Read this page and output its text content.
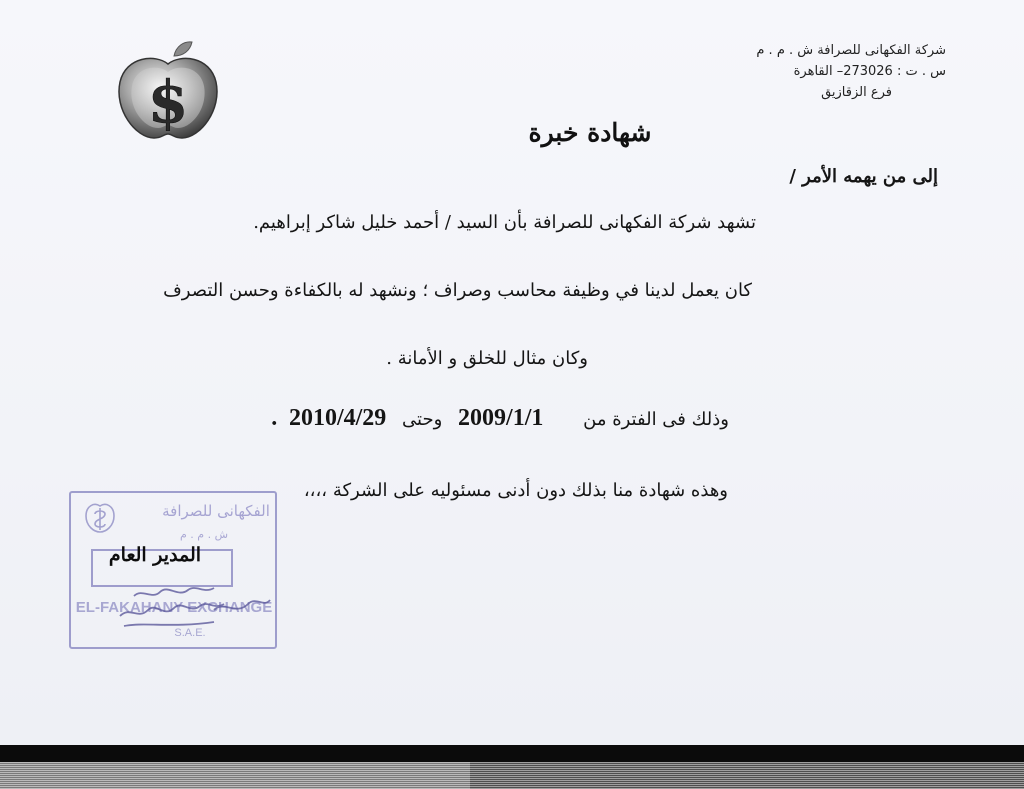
شركة الفكهانى للصرافة ش . م . م
س . ت : 273026– القاهرة
فرع الزقازيق
$	شهادة خبرة
إلى من يهمه الأمر /
تشهد شركة الفكهانى للصرافة بأن السيد / أحمد خليل شاكر إبراهيم.
كان يعمل لدينا في وظيفة محاسب وصراف ؛ ونشهد له بالكفاءة وحسن التصرف
وكان مثال للخلق و الأمانة .
وذلك فى الفترة من 2009/1/1 وحتى 2010/4/29 .
وهذه شهادة منا بذلك دون أدنى مسئوليه على الشركة ،،،،
الفكهانى للصرافة
ش . م . م
EL-FAKAHANY EXCHANGE
S.A.E.
المدير العام
